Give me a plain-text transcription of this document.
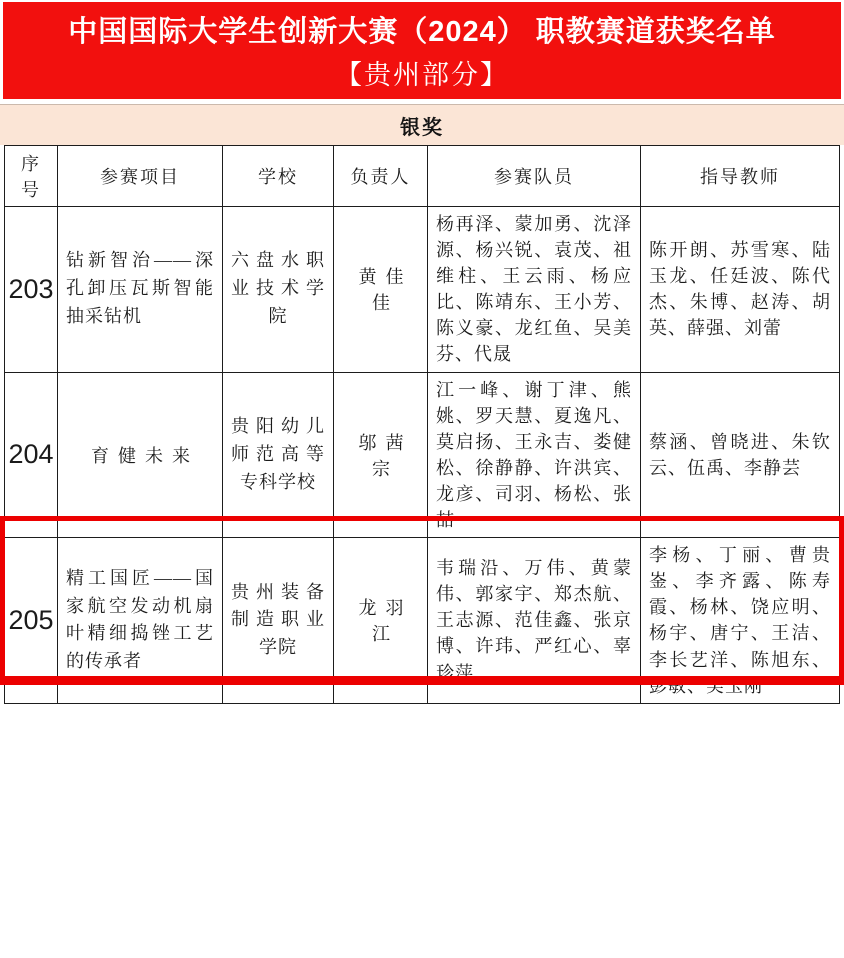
中国国际大学生创新大赛（2024） 职教赛道获奖名单
【贵州部分】
银奖
序号	参赛项目	学校	负责人	参赛队员	指导教师
203	钻新智治——深孔卸压瓦斯智能抽采钻机	六盘水职业技术学院	黄佳佳	杨再泽、蒙加勇、沈泽源、杨兴锐、袁茂、祖维柱、王云雨、杨应比、陈靖东、王小芳、陈义豪、龙红鱼、吴美芬、代晟	陈开朗、苏雪寒、陆玉龙、任廷波、陈代杰、朱博、赵涛、胡英、薛强、刘蕾
204	育健未来	贵阳幼儿师范高等专科学校	邬茜宗	江一峰、谢丁津、熊姚、罗天慧、夏逸凡、莫启扬、王永吉、娄健松、徐静静、许洪宾、龙彦、司羽、杨松、张喆	蔡涵、曾晓进、朱钦云、伍禹、李静芸
205	精工国匠——国家航空发动机扇叶精细捣锉工艺的传承者	贵州装备制造职业学院	龙羽江	韦瑞沿、万伟、黄蒙伟、郭家宇、郑杰航、王志源、范佳鑫、张京博、许玮、严红心、辜珍萍	李杨、丁丽、曹贵崟、李齐露、陈寿霞、杨林、饶应明、杨宇、唐宁、王洁、李长艺洋、陈旭东、彭敏、吴玉刚
